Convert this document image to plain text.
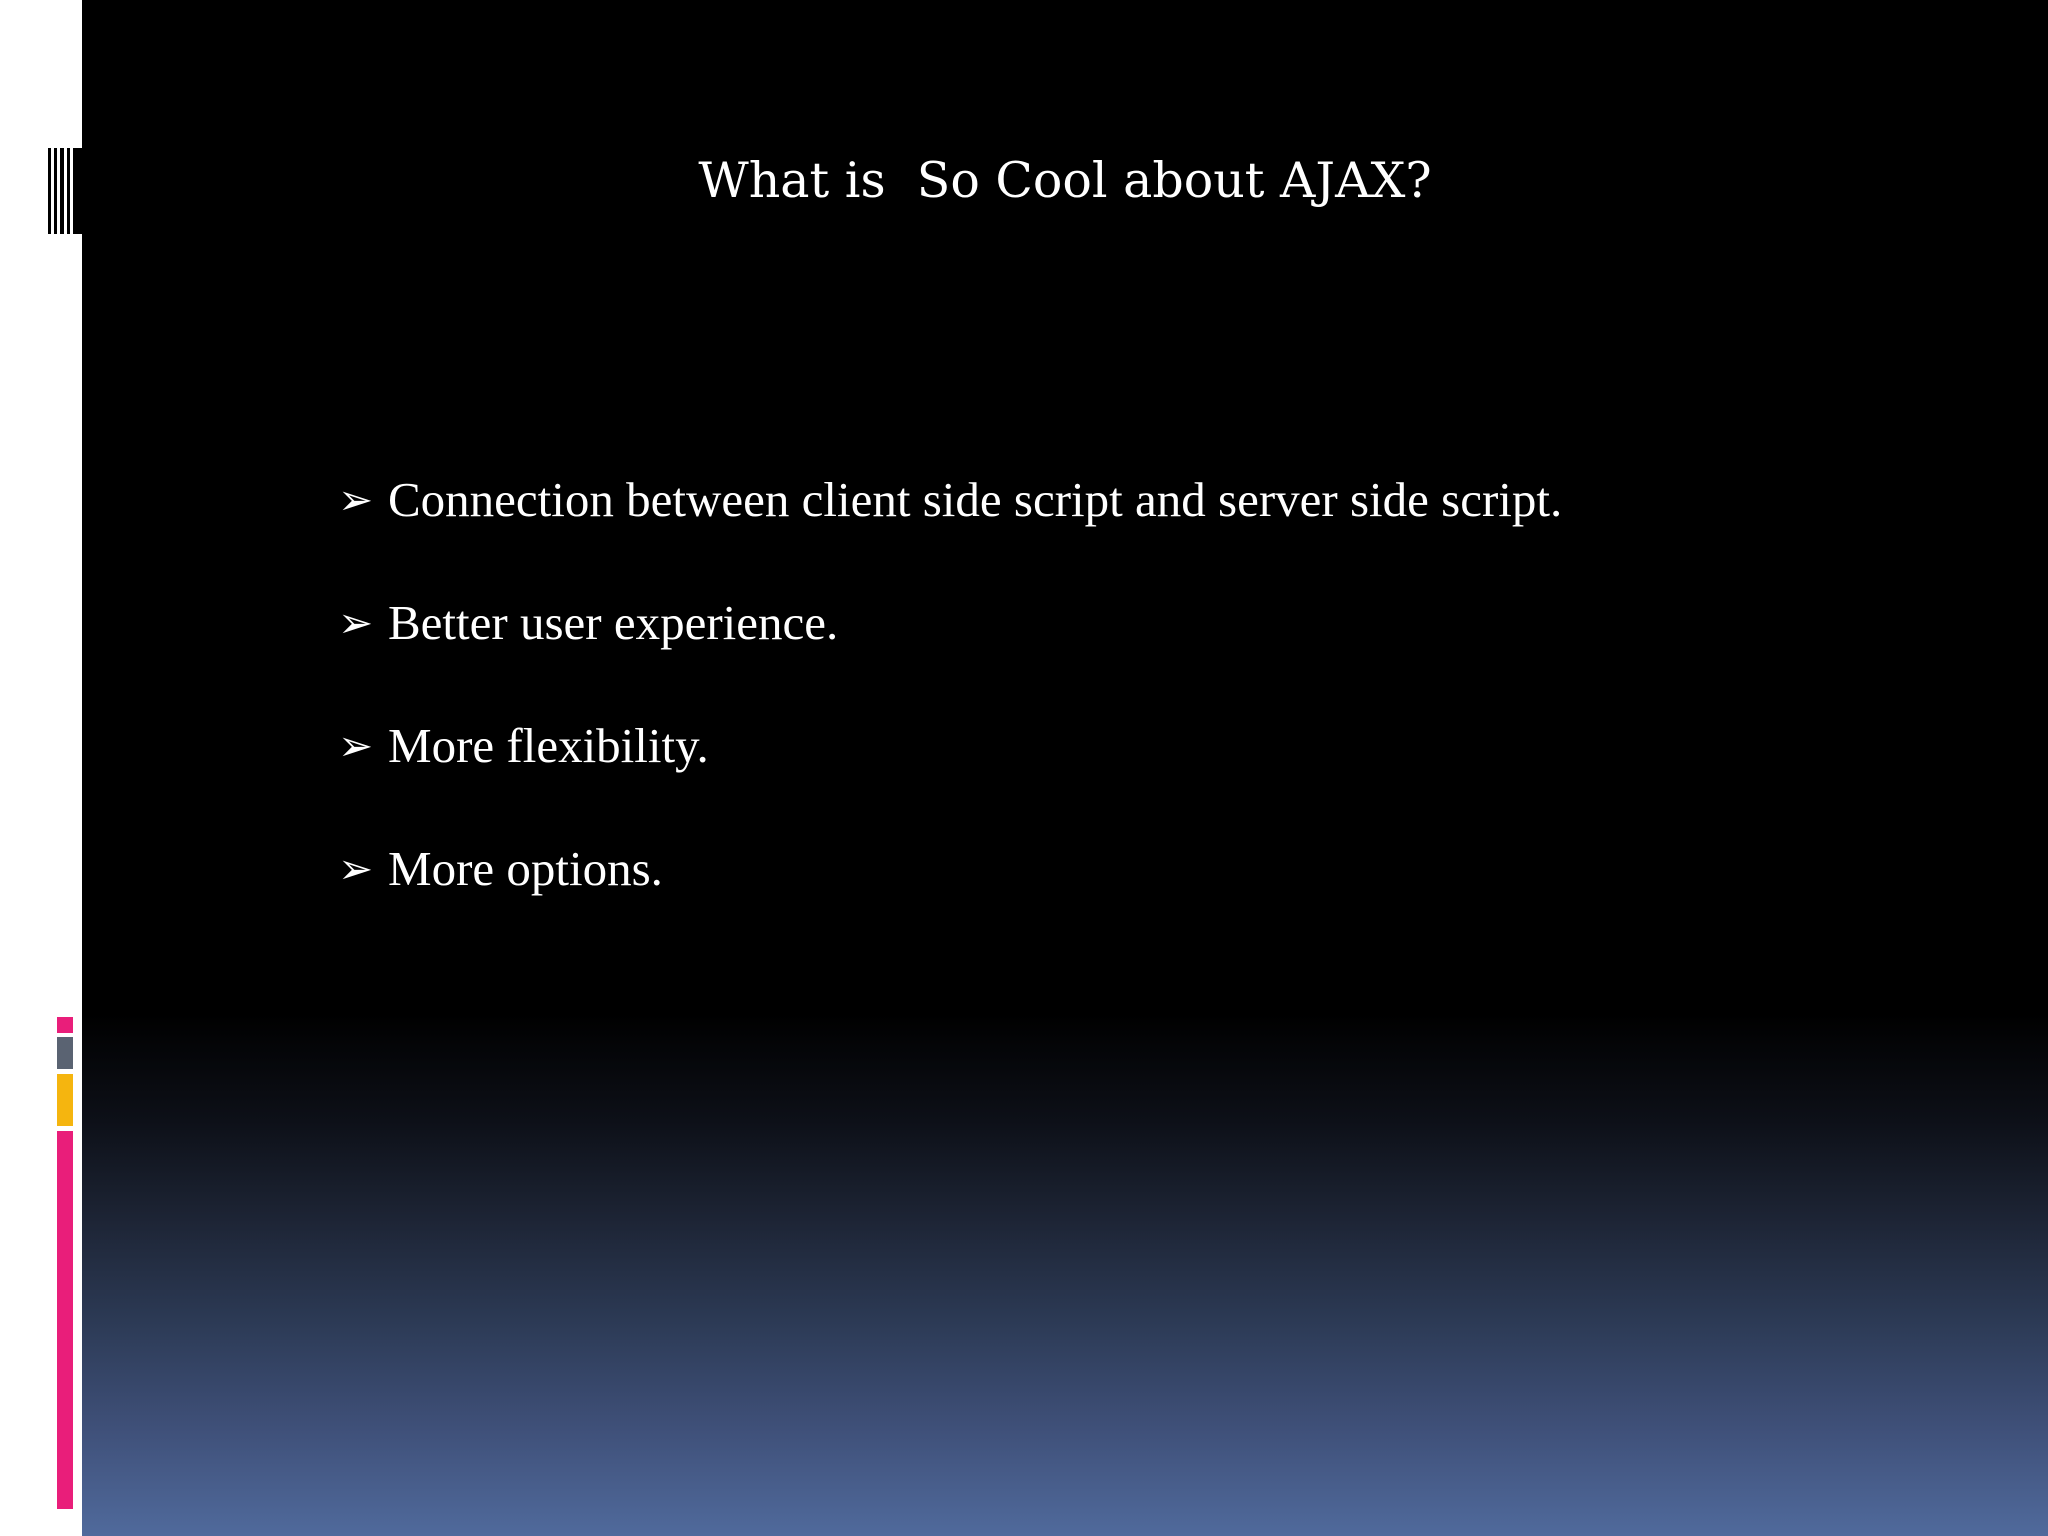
What is  So Cool about AJAX?
➢ Connection between client side script and server side script.
➢ Better user experience.
➢ More flexibility.
➢ More options.
